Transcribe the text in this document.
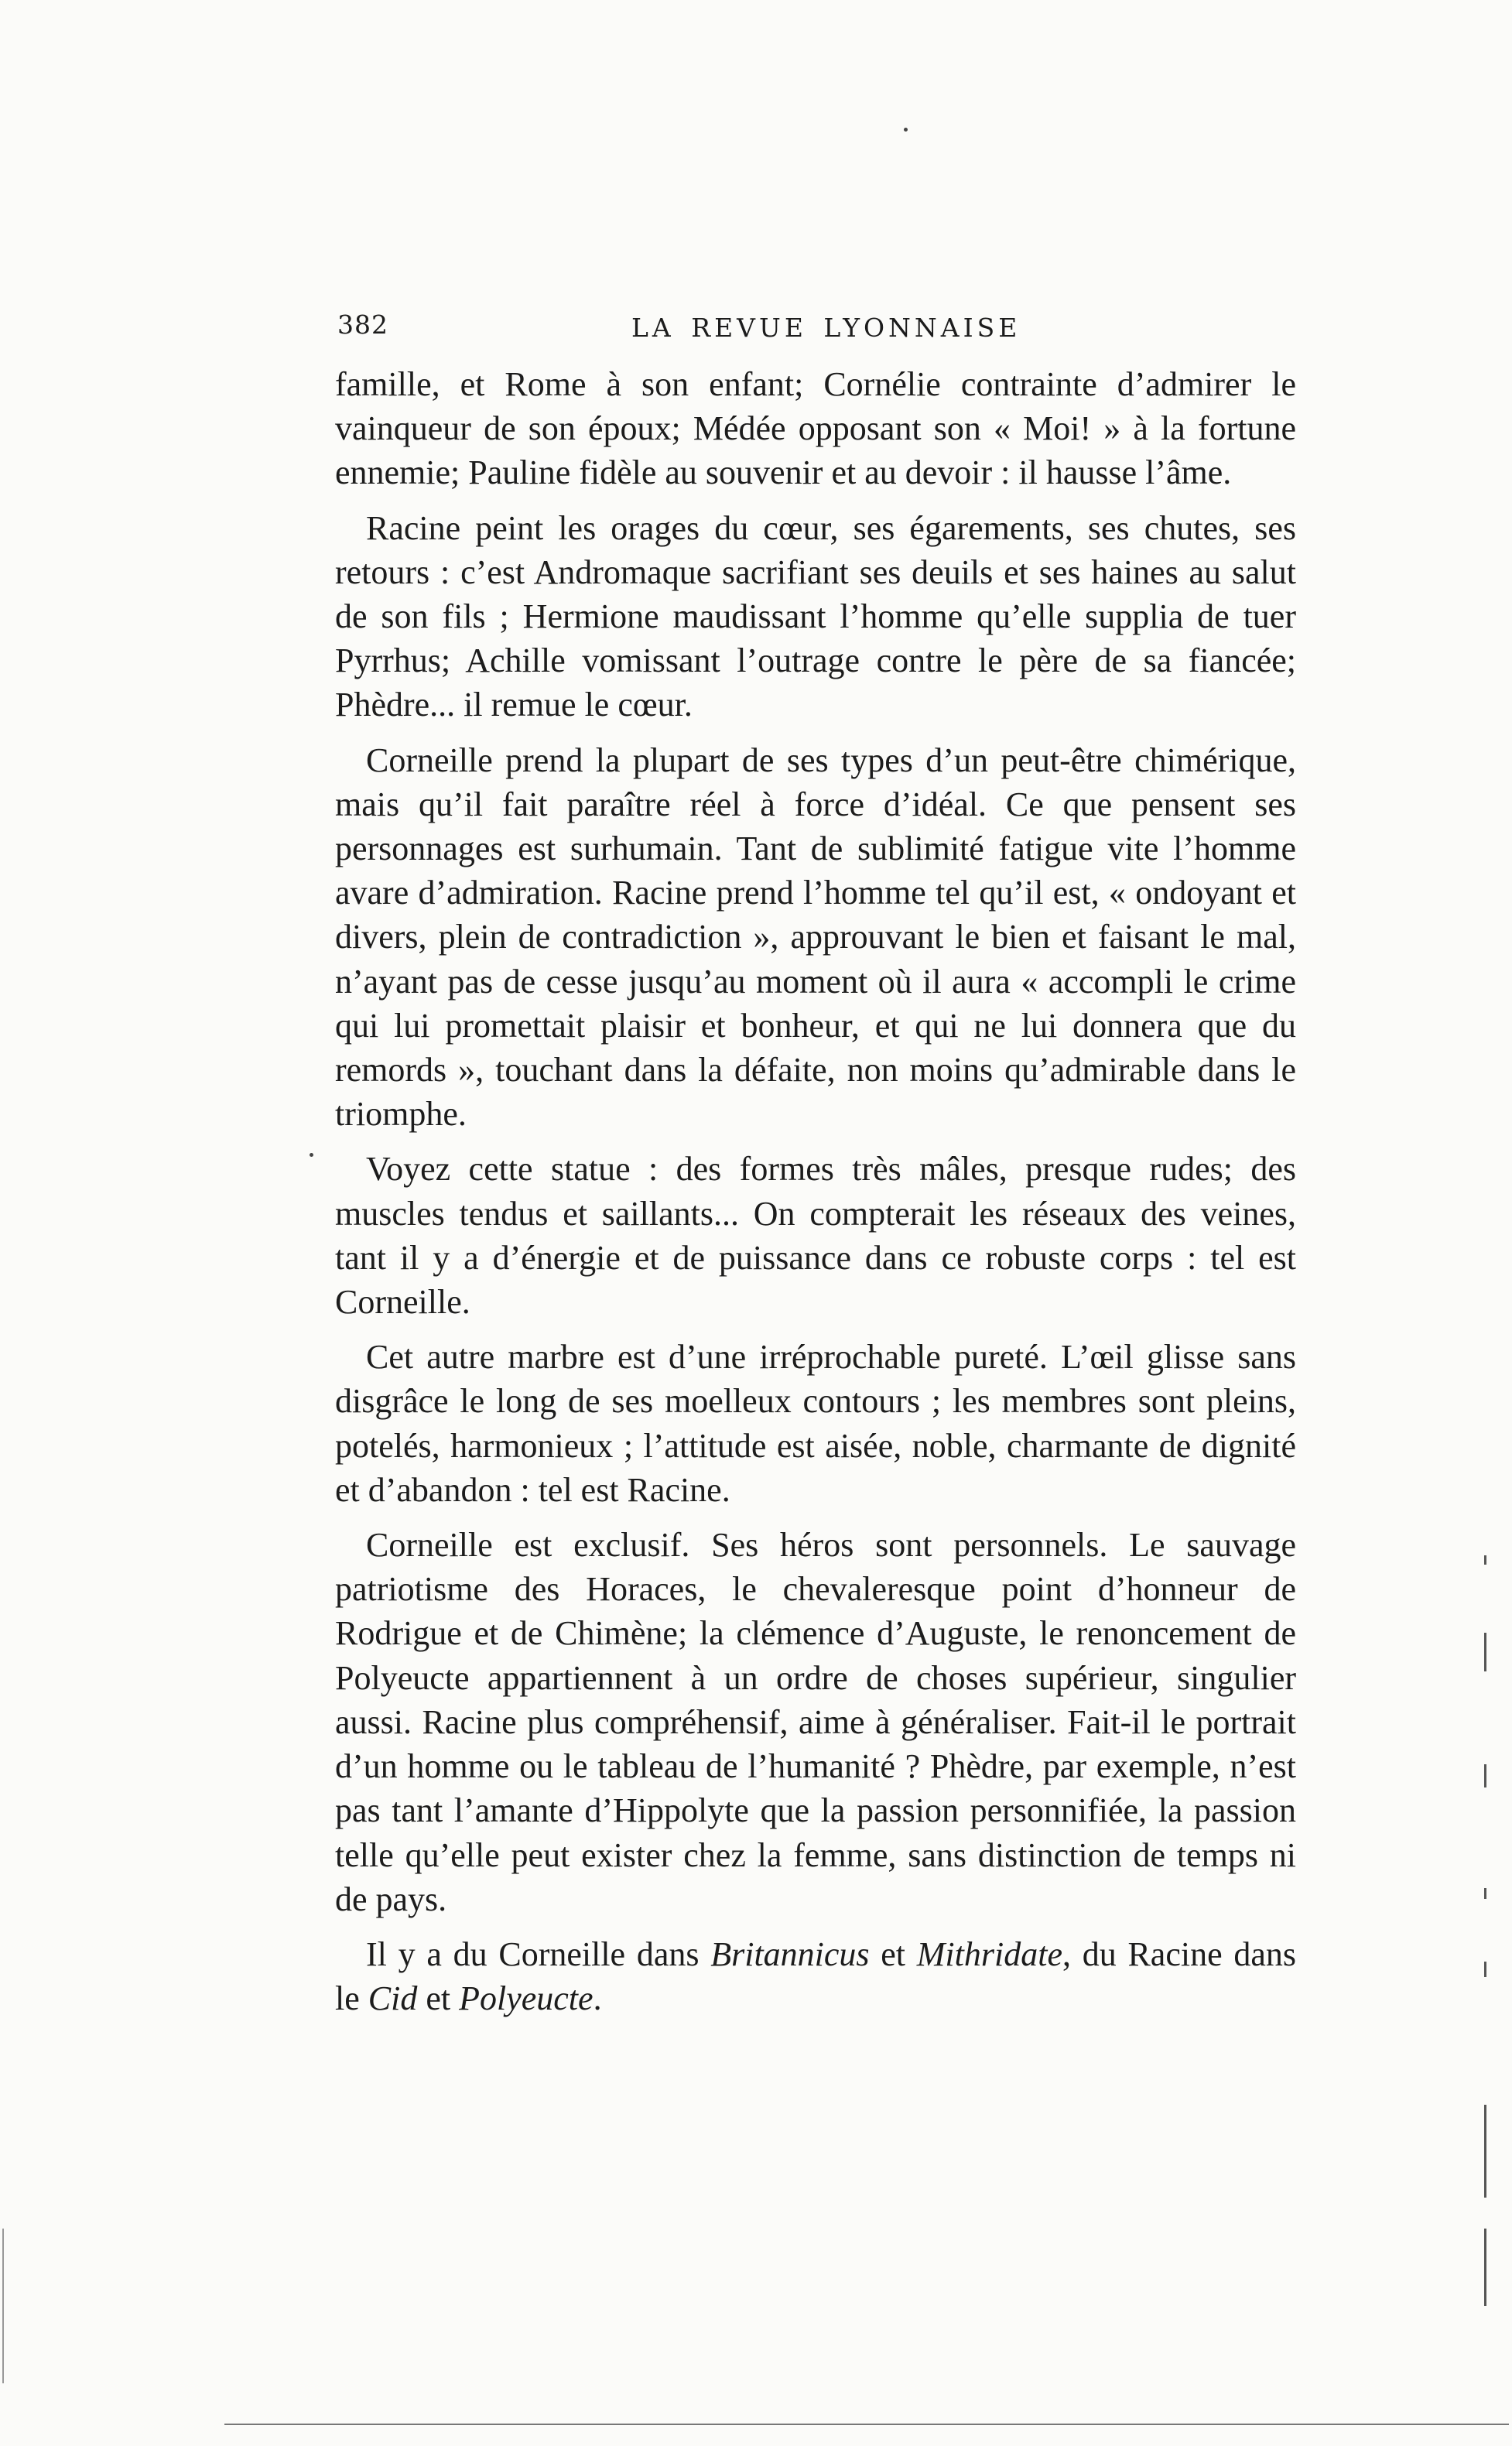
382	LA REVUE LYONNAISE

famille, et Rome à son enfant; Cornélie contrainte d’admirer le vainqueur de son époux; Médée opposant son « Moi! » à la fortune ennemie; Pauline fidèle au souvenir et au devoir : il hausse l’âme.

Racine peint les orages du cœur, ses égarements, ses chutes, ses retours : c’est Andromaque sacrifiant ses deuils et ses haines au salut de son fils ; Hermione maudissant l’homme qu’elle supplia de tuer Pyrrhus; Achille vomissant l’outrage contre le père de sa fiancée; Phèdre... il remue le cœur.

Corneille prend la plupart de ses types d’un peut-être chimérique, mais qu’il fait paraître réel à force d’idéal. Ce que pensent ses personnages est surhumain. Tant de sublimité fatigue vite l’homme avare d’admiration. Racine prend l’homme tel qu’il est, « ondoyant et divers, plein de contradiction », approuvant le bien et faisant le mal, n’ayant pas de cesse jusqu’au moment où il aura « accompli le crime qui lui promettait plaisir et bonheur, et qui ne lui donnera que du remords », touchant dans la défaite, non moins qu’admirable dans le triomphe.

Voyez cette statue : des formes très mâles, presque rudes; des muscles tendus et saillants... On compterait les réseaux des veines, tant il y a d’énergie et de puissance dans ce robuste corps : tel est Corneille.

Cet autre marbre est d’une irréprochable pureté. L’œil glisse sans disgrâce le long de ses moelleux contours ; les membres sont pleins, potelés, harmonieux ; l’attitude est aisée, noble, charmante de dignité et d’abandon : tel est Racine.

Corneille est exclusif. Ses héros sont personnels. Le sauvage patriotisme des Horaces, le chevaleresque point d’honneur de Rodrigue et de Chimène; la clémence d’Auguste, le renoncement de Polyeucte appartiennent à un ordre de choses supérieur, singulier aussi. Racine plus compréhensif, aime à généraliser. Fait-il le portrait d’un homme ou le tableau de l’humanité ? Phèdre, par exemple, n’est pas tant l’amante d’Hippolyte que la passion personnifiée, la passion telle qu’elle peut exister chez la femme, sans distinction de temps ni de pays.

Il y a du Corneille dans Britannicus et Mithridate, du Racine dans le Cid et Polyeucte.
